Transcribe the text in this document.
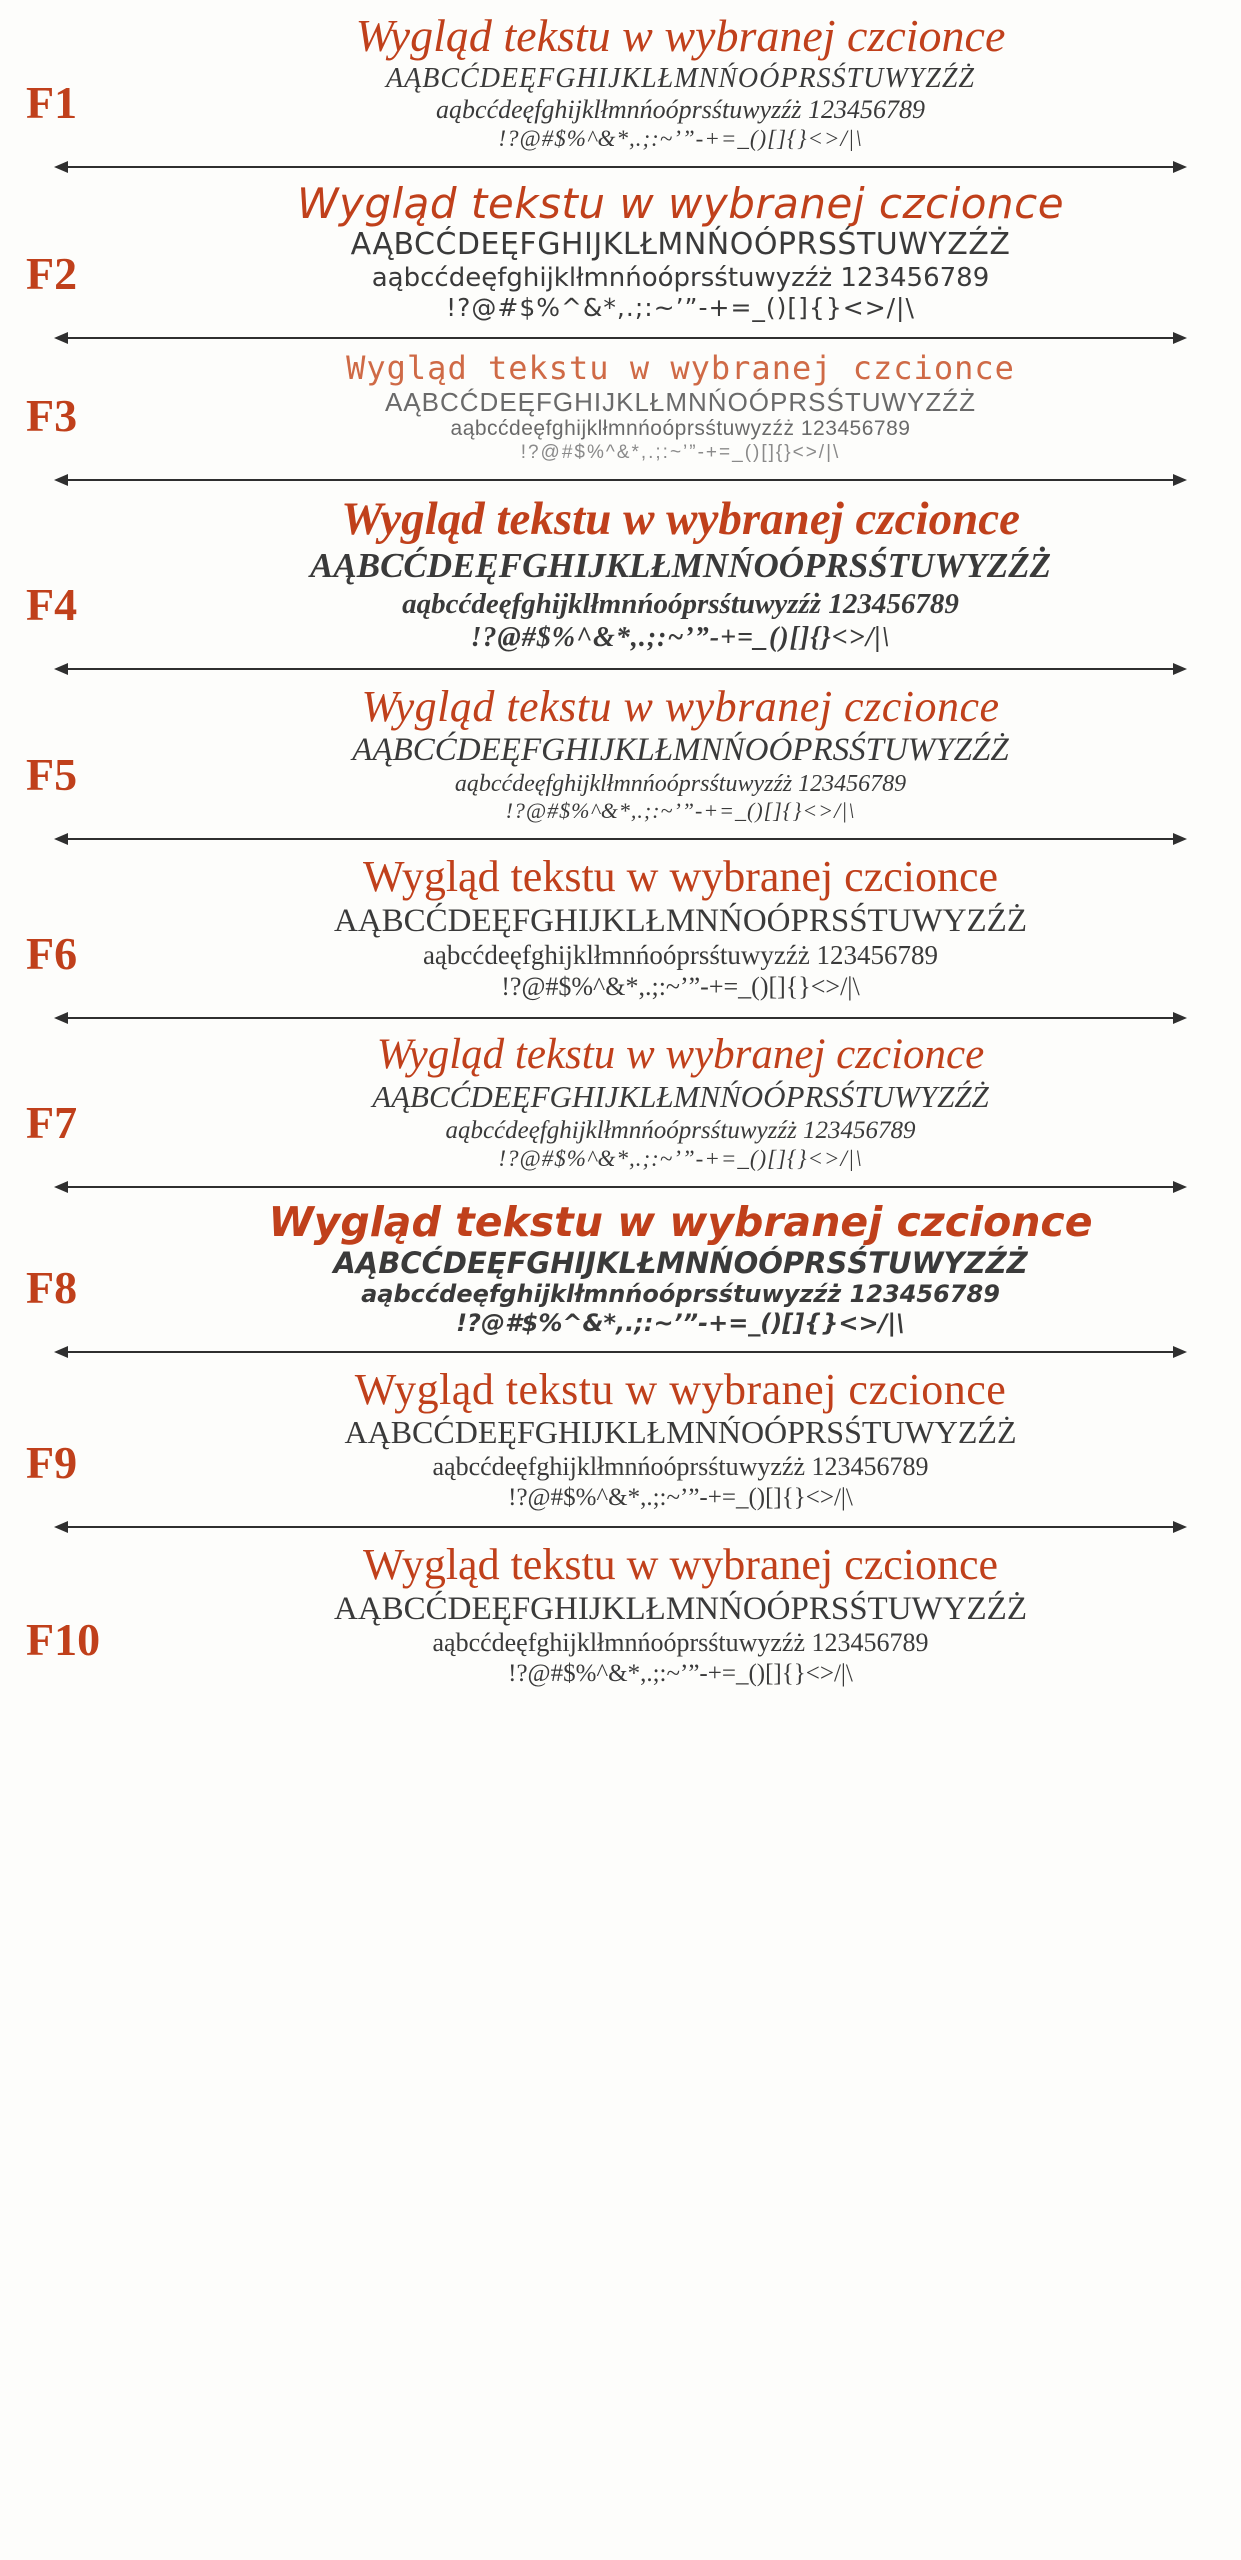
F1
Wygląd tekstu w wybranej czcionce
AĄBCĆDEĘFGHIJKLŁMNŃOÓPRSŚTUWYZŹŻ
aąbcćdeęfghijklłmnńoóprsśtuwyzźż 123456789
!?@#$%^&*,.;:~’”-+=_()[]{}<>/|\
F2
Wygląd tekstu w wybranej czcionce
AĄBCĆDEĘFGHIJKLŁMNŃOÓPRSŚTUWYZŹŻ
aąbcćdeęfghijklłmnńoóprsśtuwyzźż 123456789
!?@#$%^&*,.;:~’”-+=_()[]{}<>/|\
F3
Wygląd tekstu w wybranej czcionce
AĄBCĆDEĘFGHIJKLŁMNŃOÓPRSŚTUWYZŹŻ
aąbcćdeęfghijklłmnńoóprsśtuwyzźż 123456789
!?@#$%^&*,.;:~’”-+=_()[]{}<>/|\
F4
Wygląd tekstu w wybranej czcionce
AĄBCĆDEĘFGHIJKLŁMNŃOÓPRSŚTUWYZŹŻ
aąbcćdeęfghijklłmnńoóprsśtuwyzźż 123456789
!?@#$%^&*,.;:~’”-+=_()[]{}<>/|\
F5
Wygląd tekstu w wybranej czcionce
AĄBCĆDEĘFGHIJKLŁMNŃOÓPRSŚTUWYZŹŻ
aąbcćdeęfghijklłmnńoóprsśtuwyzźż 123456789
!?@#$%^&*,.;:~’”-+=_()[]{}<>/|\
F6
Wygląd tekstu w wybranej czcionce
AĄBCĆDEĘFGHIJKLŁMNŃOÓPRSŚTUWYZŹŻ
aąbcćdeęfghijklłmnńoóprsśtuwyzźż 123456789
!?@#$%^&*,.;:~’”-+=_()[]{}<>/|\
F7
Wygląd tekstu w wybranej czcionce
AĄBCĆDEĘFGHIJKLŁMNŃOÓPRSŚTUWYZŹŻ
aąbcćdeęfghijklłmnńoóprsśtuwyzźż 123456789
!?@#$%^&*,.;:~’”-+=_()[]{}<>/|\
F8
Wygląd tekstu w wybranej czcionce
AĄBCĆDEĘFGHIJKLŁMNŃOÓPRSŚTUWYZŹŻ
aąbcćdeęfghijklłmnńoóprsśtuwyzźż 123456789
!?@#$%^&*,.;:~’”-+=_()[]{}<>/|\
F9
Wygląd tekstu w wybranej czcionce
AĄBCĆDEĘFGHIJKLŁMNŃOÓPRSŚTUWYZŹŻ
aąbcćdeęfghijklłmnńoóprsśtuwyzźż 123456789
!?@#$%^&*,.;:~’”-+=_()[]{}<>/|\
F10
Wygląd tekstu w wybranej czcionce
AĄBCĆDEĘFGHIJKLŁMNŃOÓPRSŚTUWYZŹŻ
aąbcćdeęfghijklłmnńoóprsśtuwyzźż 123456789
!?@#$%^&*,.;:~’”-+=_()[]{}<>/|\
